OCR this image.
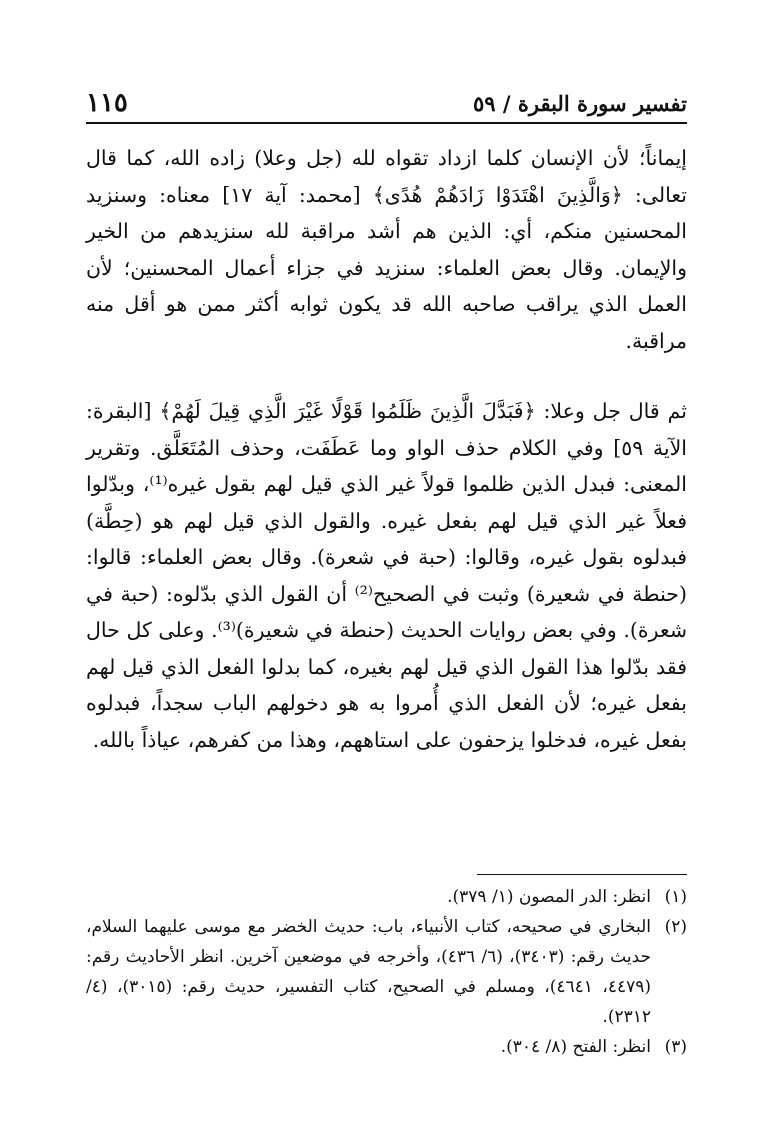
تفسير سورة البقرة / ٥٩
١١٥

إيماناً؛ لأن الإنسان كلما ازداد تقواه لله (جل وعلا) زاده الله، كما قال تعالى: ﴿وَالَّذِينَ اهْتَدَوْا زَادَهُمْ هُدًى﴾ [محمد: آية ١٧] معناه: وسنزيد المحسنين منكم، أي: الذين هم أشد مراقبة لله سنزيدهم من الخير والإيمان. وقال بعض العلماء: سنزيد في جزاء أعمال المحسنين؛ لأن العمل الذي يراقب صاحبه الله قد يكون ثوابه أكثر ممن هو أقل منه مراقبة.

ثم قال جل وعلا: ﴿فَبَدَّلَ الَّذِينَ ظَلَمُوا قَوْلًا غَيْرَ الَّذِي قِيلَ لَهُمْ﴾ [البقرة: الآية ٥٩] وفي الكلام حذف الواو وما عَطَفَت، وحذف المُتَعَلَّق. وتقرير المعنى: فبدل الذين ظلموا قولاً غير الذي قيل لهم بقول غيره⁽¹⁾، وبدّلوا فعلاً غير الذي قيل لهم بفعل غيره. والقول الذي قيل لهم هو (حِطَّة) فبدلوه بقول غيره، وقالوا: (حبة في شعرة). وقال بعض العلماء: قالوا: (حنطة في شعيرة) وثبت في الصحيح⁽²⁾ أن القول الذي بدّلوه: (حبة في شعرة). وفي بعض روايات الحديث (حنطة في شعيرة)⁽³⁾. وعلى كل حال فقد بدّلوا هذا القول الذي قيل لهم بغيره، كما بدلوا الفعل الذي قيل لهم بفعل غيره؛ لأن الفعل الذي أُمروا به هو دخولهم الباب سجداً، فبدلوه بفعل غيره، فدخلوا يزحفون على استاههم، وهذا من كفرهم، عياذاً بالله.

(١)
انظر: الدر المصون (١/ ٣٧٩).
(٢)
البخاري في صحيحه، كتاب الأنبياء، باب: حديث الخضر مع موسى عليهما السلام، حديث رقم: (٣٤٠٣)، (٦/ ٤٣٦)، وأخرجه في موضعين آخرين. انظر الأحاديث رقم: (٤٤٧٩، ٤٦٤١)، ومسلم في الصحيح، كتاب التفسير، حديث رقم: (٣٠١٥)، (٤/ ٢٣١٢).
(٣)
انظر: الفتح (٨/ ٣٠٤).
